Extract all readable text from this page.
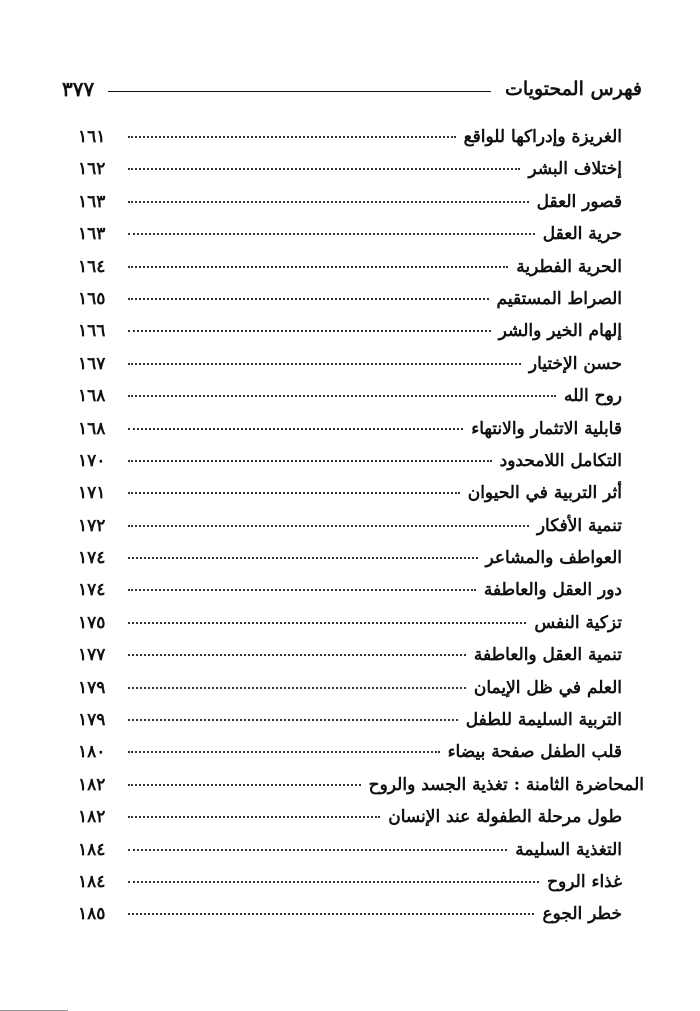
فهرس المحتويات
٣٧٧
الغريزة وإدراكها للواقع
١٦١
إختلاف البشر
١٦٢
قصور العقل
١٦٣
حرية العقل
١٦٣
الحرية الفطرية
١٦٤
الصراط المستقيم
١٦٥
إلهام الخير والشر
١٦٦
حسن الإختيار
١٦٧
روح الله
١٦٨
قابلية الاتثمار والانتهاء
١٦٨
التكامل اللامحدود
١٧٠
أثر التربية في الحيوان
١٧١
تنمية الأفكار
١٧٢
العواطف والمشاعر
١٧٤
دور العقل والعاطفة
١٧٤
تزكية النفس
١٧٥
تنمية العقل والعاطفة
١٧٧
العلم في ظل الإيمان
١٧٩
التربية السليمة للطفل
١٧٩
قلب الطفل صفحة بيضاء
١٨٠
المحاضرة الثامنة : تغذية الجسد والروح
١٨٢
طول مرحلة الطفولة عند الإنسان
١٨٢
التغذية السليمة
١٨٤
غذاء الروح
١٨٤
خطر الجوع
١٨٥
